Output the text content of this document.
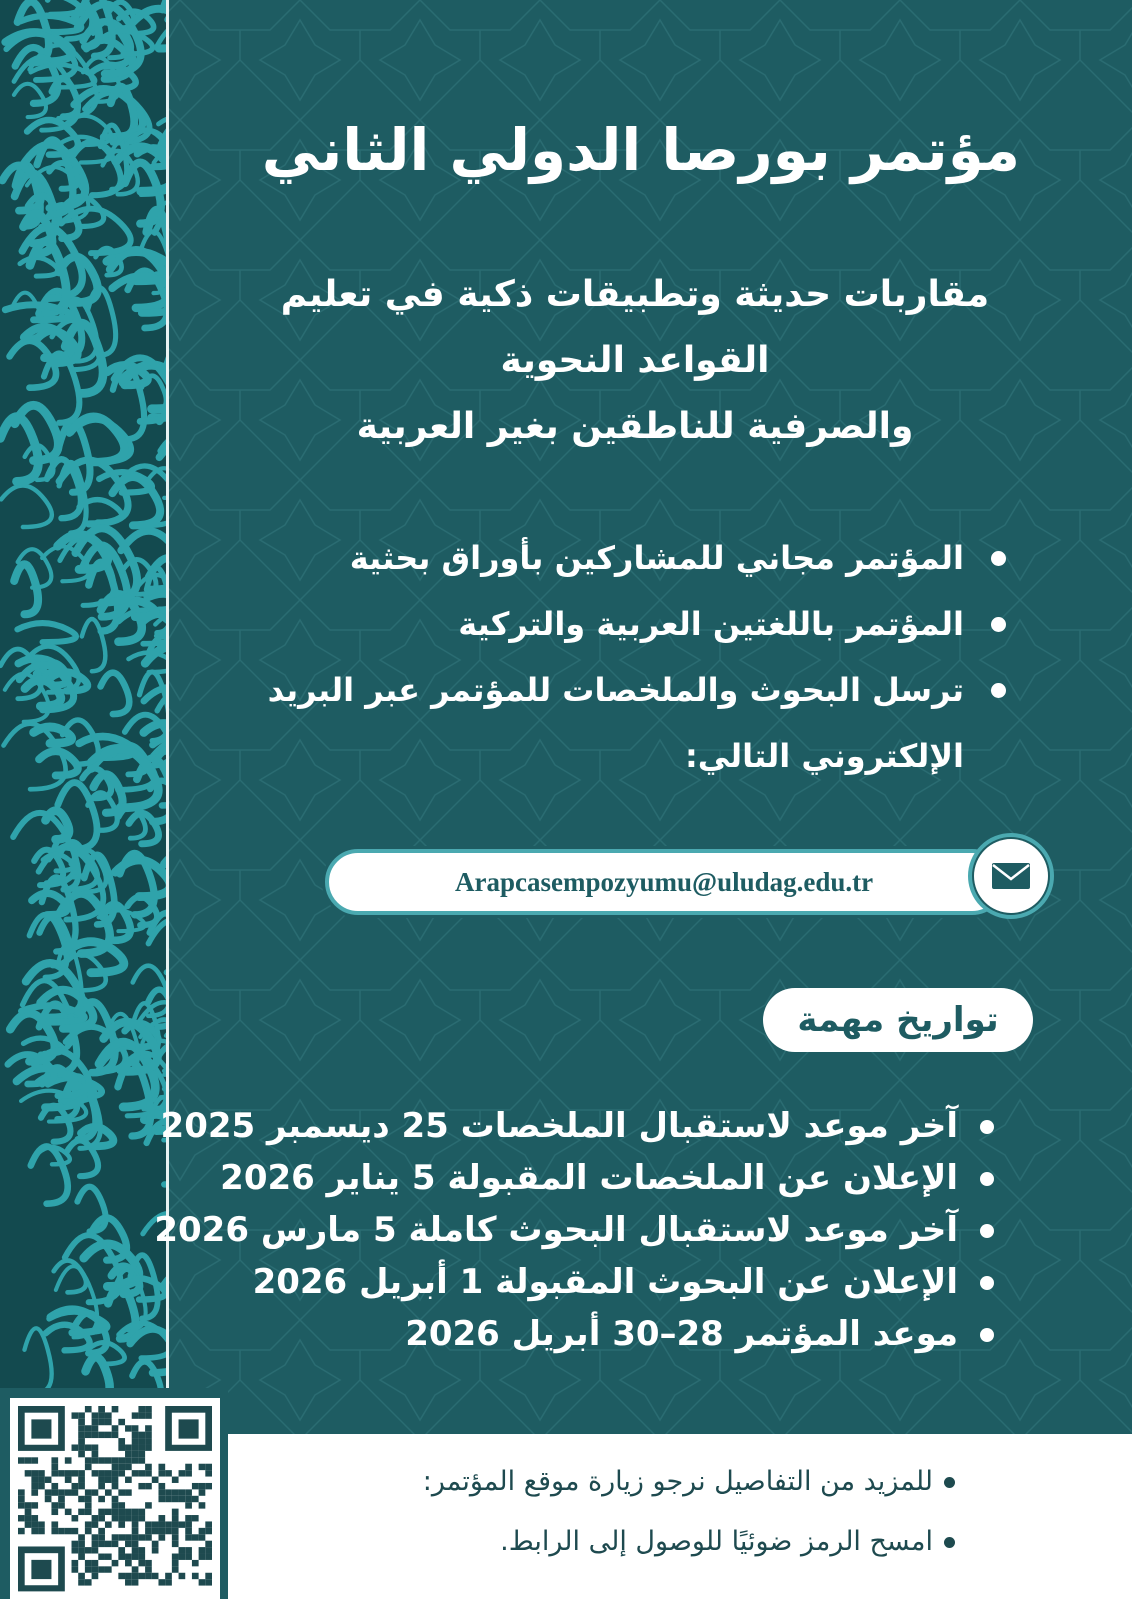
مؤتمر بورصا الدولي الثاني
مقاربات حديثة وتطبيقات ذكية في تعليم
القواعد النحوية
والصرفية للناطقين بغير العربية
المؤتمر مجاني للمشاركين بأوراق بحثية
المؤتمر باللغتين العربية والتركية
ترسل البحوث والملخصات للمؤتمر عبر البريد الإلكتروني التالي:
Arapcasempozyumu@uludag.edu.tr
تواريخ مهمة
آخر موعد لاستقبال الملخصات 25 ديسمبر 2025
الإعلان عن الملخصات المقبولة 5 يناير 2026
آخر موعد لاستقبال البحوث كاملة 5 مارس 2026
الإعلان عن البحوث المقبولة 1 أبريل 2026
موعد المؤتمر 28–30 أبريل 2026
للمزيد من التفاصيل نرجو زيارة موقع المؤتمر:
امسح الرمز ضوئيًا للوصول إلى الرابط.
